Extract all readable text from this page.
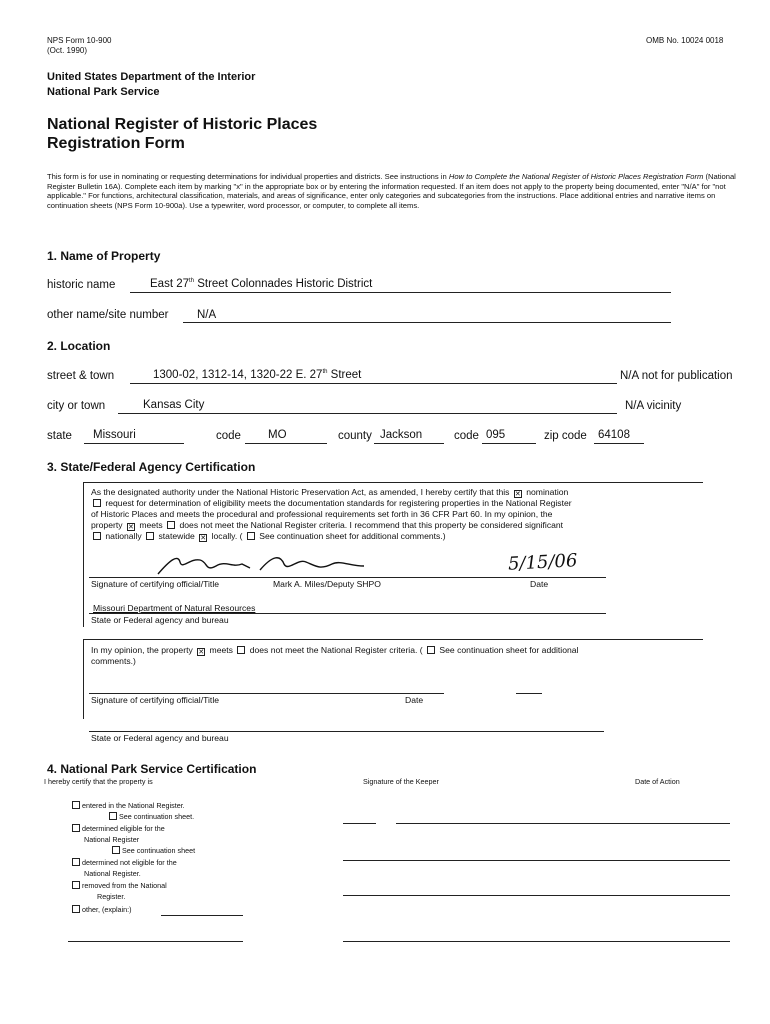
NPS Form 10-900
(Oct. 1990)
OMB No. 10024 0018
United States Department of the Interior
National Park Service
National Register of Historic Places
Registration Form
This form is for use in nominating or requesting determinations for individual properties and districts. See instructions in How to Complete the National Register of Historic Places Registration Form (National Register Bulletin 16A). Complete each item by marking "x" in the appropriate box or by entering the information requested. If an item does not apply to the property being documented, enter "N/A" for "not applicable." For functions, architectural classification, materials, and areas of significance, enter only categories and subcategories from the instructions. Place additional entries and narrative items on continuation sheets (NPS Form 10-900a). Use a typewriter, word processor, or computer, to complete all items.
1. Name of Property
historic name	East 27th Street Colonnades Historic District
other name/site number N/A
2. Location
street & town	1300-02, 1312-14, 1320-22 E. 27th Street	N/A not for publication
city or town	Kansas City	N/A vicinity
state Missouri	code MO	county Jackson	code 095	zip code 64108
3. State/Federal Agency Certification
As the designated authority under the National Historic Preservation Act, as amended, I hereby certify that this ✕ nomination
request for determination of eligibility meets the documentation standards for registering properties in the National Register
of Historic Places and meets the procedural and professional requirements set forth in 36 CFR Part 60. In my opinion, the
property ✕ meets does not meet the National Register criteria. I recommend that this property be considered significant
nationally statewide ✕ locally. ( See continuation sheet for additional comments.)
5/15/06
Signature of certifying official/Title	Mark A. Miles/Deputy SHPO	Date
Missouri Department of Natural Resources
State or Federal agency and bureau
In my opinion, the property ✕ meets does not meet the National Register criteria. ( See continuation sheet for additional
comments.)
Signature of certifying official/Title	Date
State or Federal agency and bureau
4. National Park Service Certification
I hereby certify that the property is	Signature of the Keeper	Date of Action
entered in the National Register.
See continuation sheet.
determined eligible for the
National Register
See continuation sheet
determined not eligible for the
National Register.
removed from the National
Register.
other, (explain:)
